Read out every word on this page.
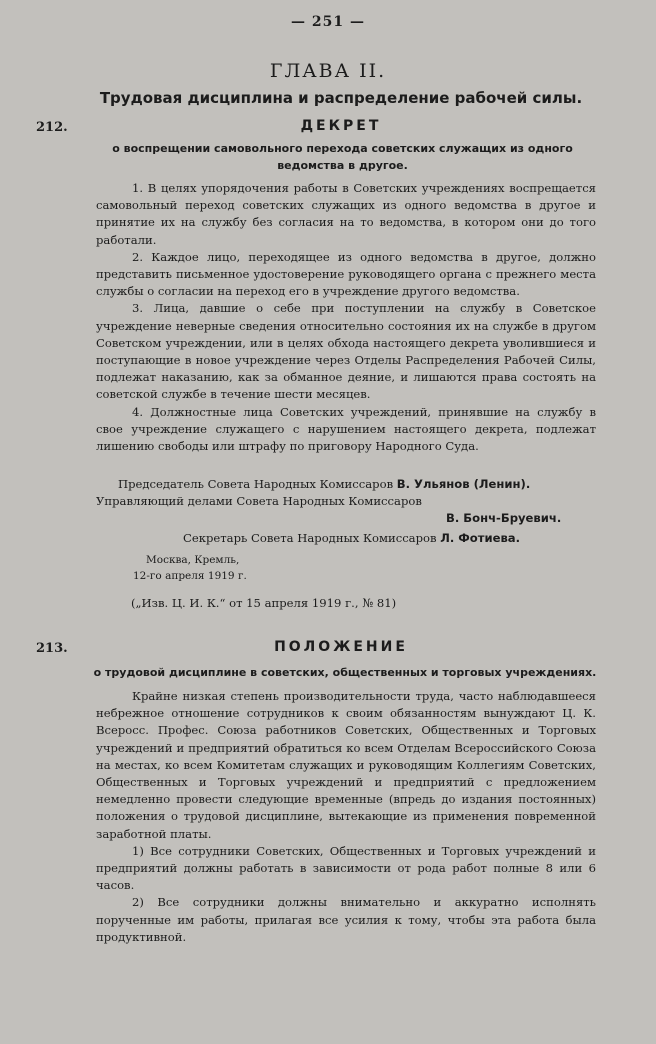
— 251 —
ГЛАВА II.
Трудовая дисциплина и распределение рабочей силы.
212.	ДЕКРЕТ
о воспрещении самовольного перехода советских служащих из одного ведомства в другое.

1. В целях упорядочения работы в Советских учреждениях воспрещается самовольный переход советских служащих из одного ведомства в другое и принятие их на службу без согласия на то ведомства, в котором они до того работали.

2. Каждое лицо, переходящее из одного ведомства в другое, должно представить письменное удостоверение руководящего органа с прежнего места службы о согласии на переход его в учреждение другого ведомства.

3. Лица, давшие о себе при поступлении на службу в Советское учреждение неверные сведения относительно состояния их на службе в другом Советском учреждении, или в целях обхода настоящего декрета уволившиеся и поступающие в новое учреждение через Отделы Распределения Рабочей Силы, подлежат наказанию, как за обманное деяние, и лишаются права состоять на советской службе в течение шести месяцев.

4. Должностные лица Советских учреждений, принявшие на службу в свое учреждение служащего с нарушением настоящего декрета, подлежат лишению свободы или штрафу по приговору Народного Суда.

Председатель Совета Народных Комиссаров В. Ульянов (Ленин).
Управляющий делами Совета Народных Комиссаров
В. Бонч-Бруевич.
Секретарь Совета Народных Комиссаров Л. Фотиева.
Москва, Кремль,
12-го апреля 1919 г.
(„Изв. Ц. И. К.“ от 15 апреля 1919 г., № 81)
213.	ПОЛОЖЕНИЕ
о трудовой дисциплине в советских, общественных и торговых учреждениях.

Крайне низкая степень производительности труда, часто наблюдавшееся небрежное отношение сотрудников к своим обязанностям вынуждают Ц. К. Всеросс. Профес. Союза работников Советских, Общественных и Торговых учреждений и предприятий обратиться ко всем Отделам Всероссийского Союза на местах, ко всем Комитетам служащих и руководящим Коллегиям Советских, Общественных и Торговых учреждений и предприятий с предложением немедленно провести следующие временные (впредь до издания постоянных) положения о трудовой дисциплине, вытекающие из применения повременной заработной платы.

1) Все сотрудники Советских, Общественных и Торговых учреждений и предприятий должны работать в зависимости от рода работ полные 8 или 6 часов.

2) Все сотрудники должны внимательно и аккуратно исполнять порученные им работы, прилагая все усилия к тому, чтобы эта работа была продуктивной.
